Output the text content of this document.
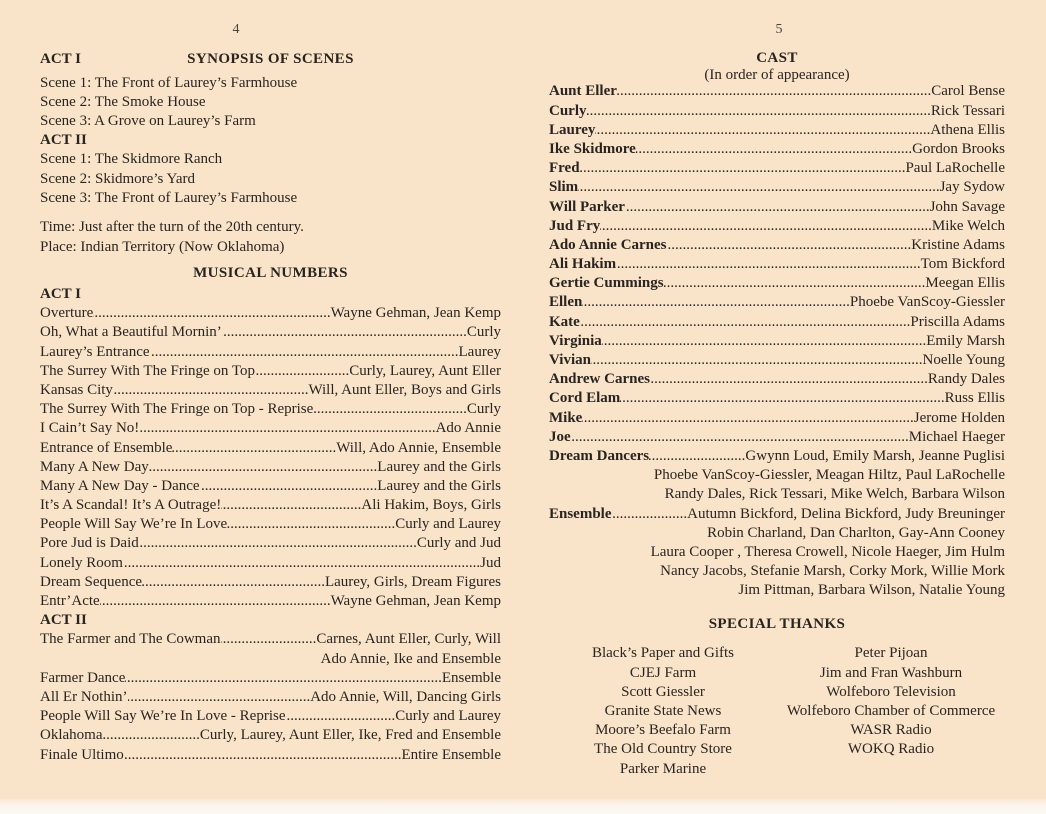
4	5
ACT I	SYNOPSIS OF SCENES
Scene 1: The Front of Laurey’s Farmhouse
Scene 2: The Smoke House
Scene 3: A Grove on Laurey’s Farm
ACT II
Scene 1: The Skidmore Ranch
Scene 2: Skidmore’s Yard
Scene 3: The Front of Laurey’s Farmhouse
Time: Just after the turn of the 20th century.
Place: Indian Territory (Now Oklahoma)
MUSICAL NUMBERS
ACT I
Overture .....	Wayne Gehman, Jean Kemp
Oh, What a Beautiful Mornin’ .....	Curly
Laurey’s Entrance .....	Laurey
The Surrey With The Fringe on Top .....	Curly, Laurey, Aunt Eller
Kansas City .....	Will, Aunt Eller, Boys and Girls
The Surrey With The Fringe on Top - Reprise .....	Curly
I Cain’t Say No! .....	Ado Annie
Entrance of Ensemble .....	Will, Ado Annie, Ensemble
Many A New Day .....	Laurey and the Girls
Many A New Day - Dance .....	Laurey and the Girls
It’s A Scandal! It’s A Outrage! .....	Ali Hakim, Boys, Girls
People Will Say We’re In Love .....	Curly and Laurey
Pore Jud is Daid .....	Curly and Jud
Lonely Room .....	Jud
Dream Sequence .....	Laurey, Girls, Dream Figures
Entr’Acte .....	Wayne Gehman, Jean Kemp
ACT II
The Farmer and The Cowman .....	Carnes, Aunt Eller, Curly, Will
Ado Annie, Ike and Ensemble
Farmer Dance .....	Ensemble
All Er Nothin’ .....	Ado Annie, Will, Dancing Girls
People Will Say We’re In Love - Reprise .....	Curly and Laurey
Oklahoma .....	Curly, Laurey, Aunt Eller, Ike, Fred and Ensemble
Finale Ultimo .....	Entire Ensemble
CAST
(In order of appearance)
Aunt Eller .....	Carol Bense
Curly .....	Rick Tessari
Laurey .....	Athena Ellis
Ike Skidmore .....	Gordon Brooks
Fred .....	Paul LaRochelle
Slim .....	Jay Sydow
Will Parker .....	John Savage
Jud Fry .....	Mike Welch
Ado Annie Carnes .....	Kristine Adams
Ali Hakim .....	Tom Bickford
Gertie Cummings .....	Meegan Ellis
Ellen .....	Phoebe VanScoy-Giessler
Kate .....	Priscilla Adams
Virginia .....	Emily Marsh
Vivian .....	Noelle Young
Andrew Carnes .....	Randy Dales
Cord Elam .....	Russ Ellis
Mike .....	Jerome Holden
Joe .....	Michael Haeger
Dream Dancers .....	Gwynn Loud, Emily Marsh, Jeanne Puglisi
Phoebe VanScoy-Giessler, Meagan Hiltz, Paul LaRochelle
Randy Dales, Rick Tessari, Mike Welch, Barbara Wilson
Ensemble .....	Autumn Bickford, Delina Bickford, Judy Breuninger
Robin Charland, Dan Charlton, Gay-Ann Cooney
Laura Cooper , Theresa Crowell, Nicole Haeger, Jim Hulm
Nancy Jacobs, Stefanie Marsh, Corky Mork, Willie Mork
Jim Pittman, Barbara Wilson, Natalie Young
SPECIAL THANKS
Black’s Paper and Gifts
CJEJ Farm
Scott Giessler
Granite State News
Moore’s Beefalo Farm
The Old Country Store
Parker Marine
Peter Pijoan
Jim and Fran Washburn
Wolfeboro Television
Wolfeboro Chamber of Commerce
WASR Radio
WOKQ Radio
